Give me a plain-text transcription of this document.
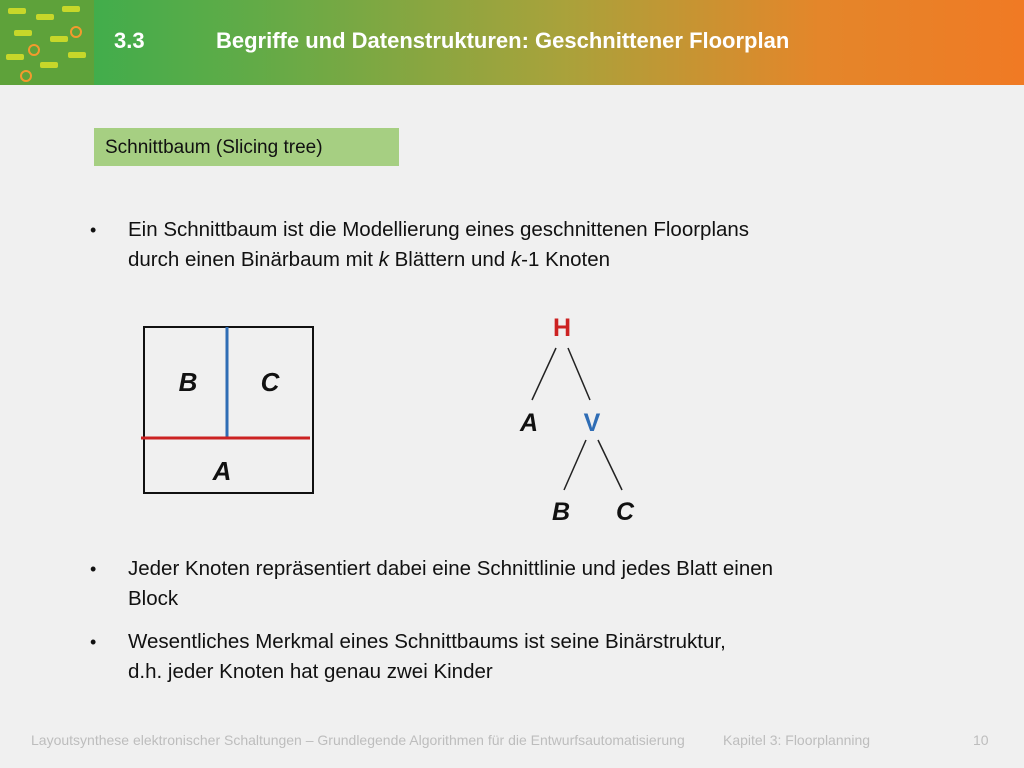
3.3	Begriffe und Datenstrukturen: Geschnittener Floorplan
Schnittbaum (Slicing tree)
• Ein Schnittbaum ist die Modellierung eines geschnittenen Floorplans
durch einen Binärbaum mit k Blättern und k-1 Knoten
B C
A
H
A V
B C
• Jeder Knoten repräsentiert dabei eine Schnittlinie und jedes Blatt einen
Block
• Wesentliches Merkmal eines Schnittbaums ist seine Binärstruktur,
d.h. jeder Knoten hat genau zwei Kinder
Layoutsynthese elektronischer Schaltungen – Grundlegende Algorithmen für die Entwurfsautomatisierung	Kapitel 3: Floorplanning	10
